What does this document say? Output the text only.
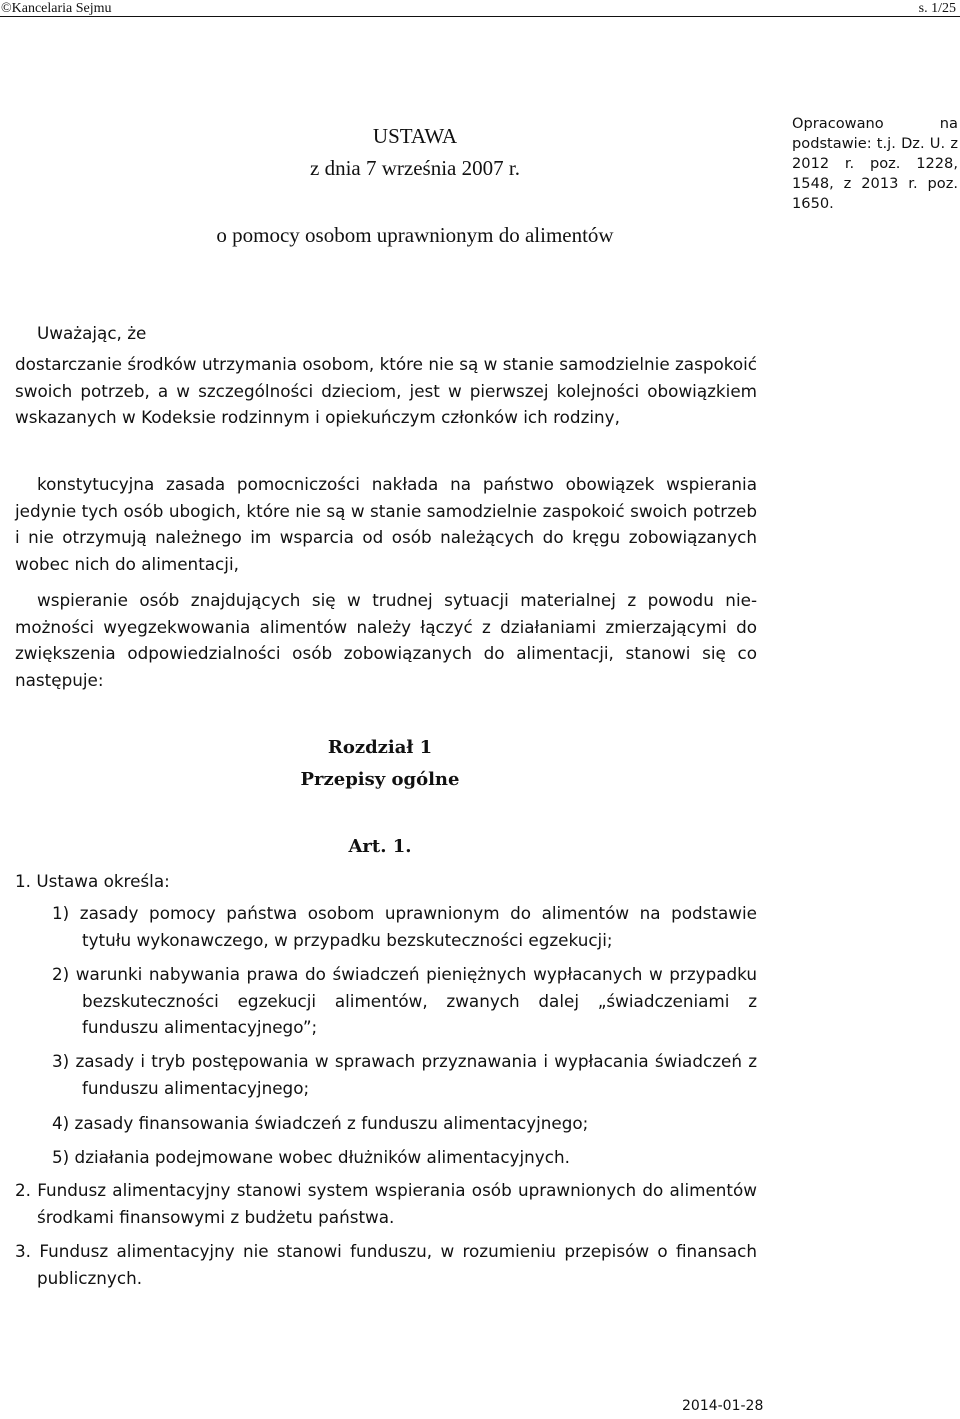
©Kancelaria Sejmu	s. 1/25
USTAWA
z dnia 7 września 2007 r.
o pomocy osobom uprawnionym do alimentów
Opracowano na podstawie: t.j. Dz. U. z 2012 r. poz. 1228, 1548, z 2013 r. poz. 1650.
Uważając, że
dostarczanie środków utrzymania osobom, które nie są w stanie samodzielnie zaspokoić swoich potrzeb, a w szczególności dzieciom, jest w pierwszej kolejności obowiązkiem wskazanych w Kodeksie rodzinnym i opiekuńczym członków ich rodziny,
konstytucyjna zasada pomocniczości nakłada na państwo obowiązek wspierania jedynie tych osób ubogich, które nie są w stanie samodzielnie zaspokoić swoich potrzeb i nie otrzymują należnego im wsparcia od osób należących do kręgu zobowiązanych wobec nich do alimentacji,
wspieranie osób znajdujących się w trudnej sytuacji materialnej z powodu niemożności wyegzekwowania alimentów należy łączyć z działaniami zmierzającymi do zwiększenia odpowiedzialności osób zobowiązanych do alimentacji, stanowi się co następuje:
Rozdział 1
Przepisy ogólne
Art. 1.
1. Ustawa określa:
1) zasady pomocy państwa osobom uprawnionym do alimentów na podstawie tytułu wykonawczego, w przypadku bezskuteczności egzekucji;
2) warunki nabywania prawa do świadczeń pieniężnych wypłacanych w przypadku bezskuteczności egzekucji alimentów, zwanych dalej „świadczeniami z funduszu alimentacyjnego”;
3) zasady i tryb postępowania w sprawach przyznawania i wypłacania świadczeń z funduszu alimentacyjnego;
4) zasady finansowania świadczeń z funduszu alimentacyjnego;
5) działania podejmowane wobec dłużników alimentacyjnych.
2. Fundusz alimentacyjny stanowi system wspierania osób uprawnionych do alimentów środkami finansowymi z budżetu państwa.
3. Fundusz alimentacyjny nie stanowi funduszu, w rozumieniu przepisów o finansach publicznych.
2014-01-28
